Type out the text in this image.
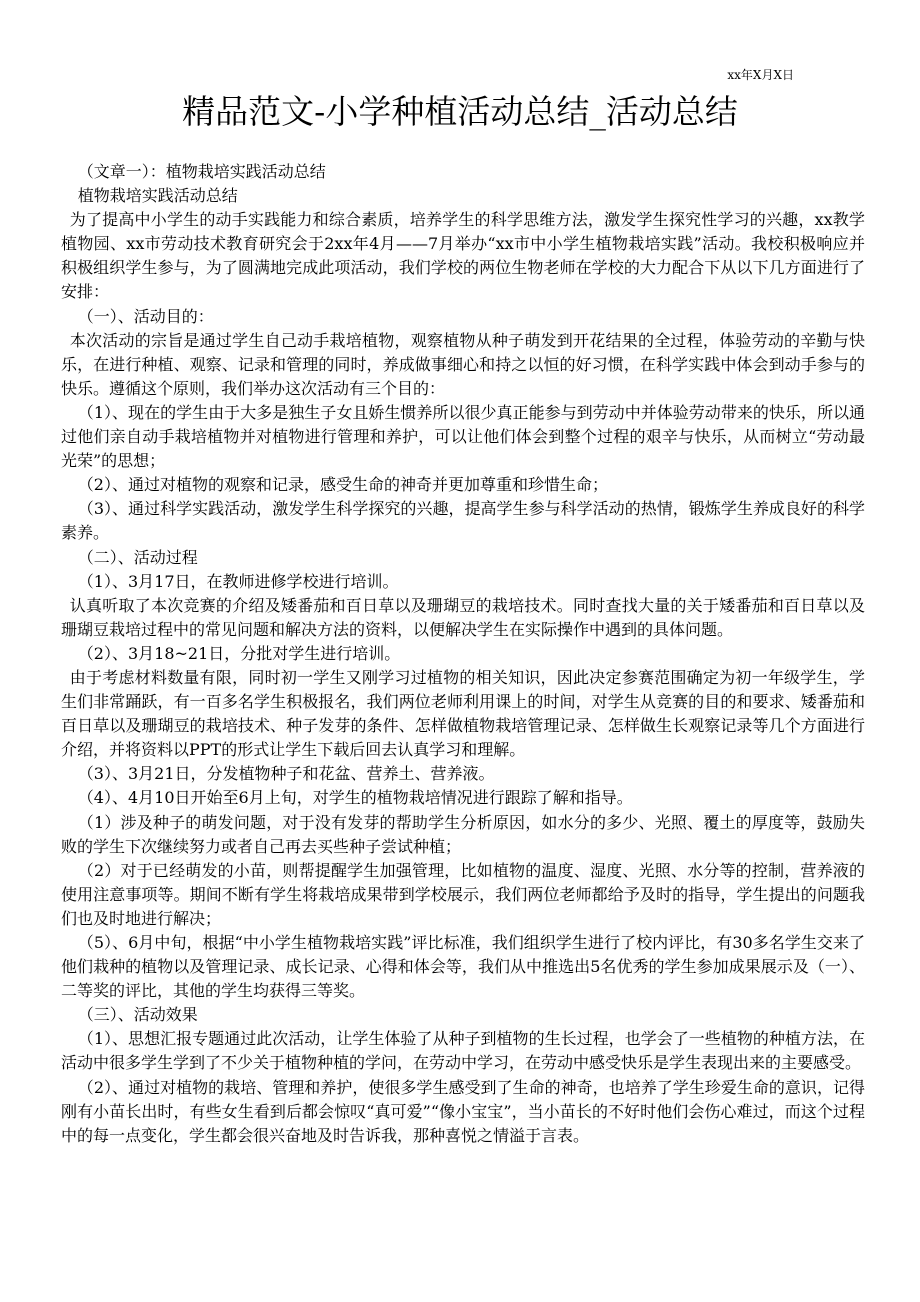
xx年X月X日
精品范文-小学种植活动总结_活动总结

（文章一）：植物栽培实践活动总结

植物栽培实践活动总结

为了提高中小学生的动手实践能力和综合素质，培养学生的科学思维方法，激发学生探究性学习的兴趣，xx教学植物园、xx市劳动技术教育研究会于2xx年4月——7月举办“xx市中小学生植物栽培实践”活动。我校积极响应并积极组织学生参与，为了圆满地完成此项活动，我们学校的两位生物老师在学校的大力配合下从以下几方面进行了安排：

（一）、活动目的：

本次活动的宗旨是通过学生自己动手栽培植物，观察植物从种子萌发到开花结果的全过程，体验劳动的辛勤与快乐，在进行种植、观察、记录和管理的同时，养成做事细心和持之以恒的好习惯，在科学实践中体会到动手参与的快乐。遵循这个原则，我们举办这次活动有三个目的：

（1）、现在的学生由于大多是独生子女且娇生惯养所以很少真正能参与到劳动中并体验劳动带来的快乐，所以通过他们亲自动手栽培植物并对植物进行管理和养护，可以让他们体会到整个过程的艰辛与快乐，从而树立“劳动最光荣”的思想；

（2）、通过对植物的观察和记录，感受生命的神奇并更加尊重和珍惜生命；

（3）、通过科学实践活动，激发学生科学探究的兴趣，提高学生参与科学活动的热情，锻炼学生养成良好的科学素养。

（二）、活动过程

（1）、3月17日，在教师进修学校进行培训。

认真听取了本次竞赛的介绍及矮番茄和百日草以及珊瑚豆的栽培技术。同时查找大量的关于矮番茄和百日草以及珊瑚豆栽培过程中的常见问题和解决方法的资料，以便解决学生在实际操作中遇到的具体问题。

（2）、3月18~21日，分批对学生进行培训。

由于考虑材料数量有限，同时初一学生又刚学习过植物的相关知识，因此决定参赛范围确定为初一年级学生，学生们非常踊跃，有一百多名学生积极报名，我们两位老师利用课上的时间，对学生从竞赛的目的和要求、矮番茄和百日草以及珊瑚豆的栽培技术、种子发芽的条件、怎样做植物栽培管理记录、怎样做生长观察记录等几个方面进行介绍，并将资料以PPT的形式让学生下载后回去认真学习和理解。

（3）、3月21日，分发植物种子和花盆、营养土、营养液。

（4）、4月10日开始至6月上旬，对学生的植物栽培情况进行跟踪了解和指导。

（1）涉及种子的萌发问题，对于没有发芽的帮助学生分析原因，如水分的多少、光照、覆土的厚度等，鼓励失败的学生下次继续努力或者自己再去买些种子尝试种植；

（2）对于已经萌发的小苗，则帮提醒学生加强管理，比如植物的温度、湿度、光照、水分等的控制，营养液的使用注意事项等。期间不断有学生将栽培成果带到学校展示，我们两位老师都给予及时的指导，学生提出的问题我们也及时地进行解决；

（5）、6月中旬，根据“中小学生植物栽培实践”评比标准，我们组织学生进行了校内评比，有30多名学生交来了他们栽种的植物以及管理记录、成长记录、心得和体会等，我们从中推选出5名优秀的学生参加成果展示及（一）、二等奖的评比，其他的学生均获得三等奖。

（三）、活动效果

（1）、思想汇报专题通过此次活动，让学生体验了从种子到植物的生长过程，也学会了一些植物的种植方法，在活动中很多学生学到了不少关于植物种植的学问，在劳动中学习，在劳动中感受快乐是学生表现出来的主要感受。

（2）、通过对植物的栽培、管理和养护，使很多学生感受到了生命的神奇，也培养了学生珍爱生命的意识，记得刚有小苗长出时，有些女生看到后都会惊叹“真可爱”“像小宝宝”，当小苗长的不好时他们会伤心难过，而这个过程中的每一点变化，学生都会很兴奋地及时告诉我，那种喜悦之情溢于言表。
